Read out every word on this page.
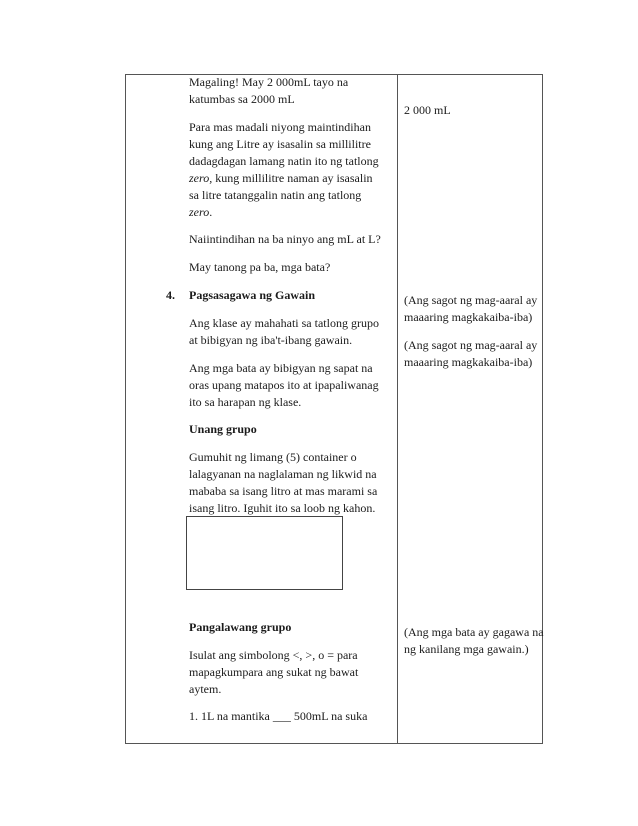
Magaling! May 2 000mL tayo na
katumbas sa 2000 mL
Para mas madali niyong maintindihan
kung ang Litre ay isasalin sa millilitre
dadagdagan lamang natin ito ng tatlong
zero, kung millilitre naman ay isasalin
sa litre tatanggalin natin ang tatlong
zero.
Naiintindihan na ba ninyo ang mL at L?
May tanong pa ba, mga bata?
4. Pagsasagawa ng Gawain
Ang klase ay mahahati sa tatlong grupo
at bibigyan ng iba't-ibang gawain.
Ang mga bata ay bibigyan ng sapat na
oras upang matapos ito at ipapaliwanag
ito sa harapan ng klase.
Unang grupo
Gumuhit ng limang (5) container o
lalagyanan na naglalaman ng likwid na
mababa sa isang litro at mas marami sa
isang litro. Iguhit ito sa loob ng kahon.
Pangalawang grupo
Isulat ang simbolong <, >, o = para
mapagkumpara ang sukat ng bawat
aytem.
1. 1L na mantika ___ 500mL na suka
2 000 mL
(Ang sagot ng mag-aaral ay
maaaring magkakaiba-iba)
(Ang sagot ng mag-aaral ay
maaaring magkakaiba-iba)
(Ang mga bata ay gagawa na
ng kanilang mga gawain.)
